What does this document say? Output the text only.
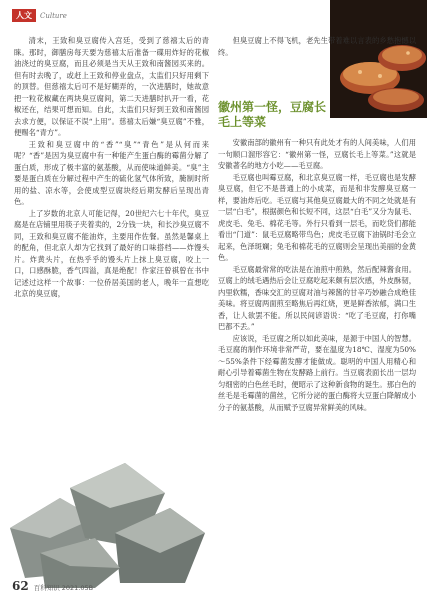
人文	Culture

清末，王致和臭豆腐传入宫廷，受到了慈禧太后的青睐。那时，御膳房每天要为慈禧太后准备一碟用炸好的花椒油浇过的臭豆腐，而且必须是当天从王致和南酱园买来的。但有时去晚了，或赶上王致和停业盘点，太监们只好用剩下的顶替。但慈禧太后可不是好糊弄的，一次进膳时，她故意把一粒花椒藏在两块臭豆腐间，第二天进膳时扒开一看，花椒还在，结果可想而知。自此，太监们只好到王致和南酱园去求方便，以保证不误“上用”。慈禧太后嫌“臭豆腐”不雅，便赐名“青方”。

王致和臭豆腐中的“香”“臭”“青色”是从何而来呢？“香”是因为臭豆腐中有一种能产生蛋白酶的霉菌分解了蛋白质，形成了极丰富的氨基酸，从而使味道鲜美。“臭”主要是蛋白质在分解过程中产生的硫化氢气体所致，腌制时所用的盐、凉水等，会使成型豆腐块经后期发酵后呈现出青色。

上了岁数的北京人可能记得，20世纪六七十年代，臭豆腐是在店铺里用筷子夹着卖的，2分钱一块，和长沙臭豆腐不同，王致和臭豆腐不能油炸，主要用作佐餐。虽然是馨桌上的配角，但北京人却为它找到了最好的口味搭档——炸馒头片。炸黄头片，在热乎乎的馒头片上抹上臭豆腐，咬上一口，口感酥脆，香气四溢，真是绝配！作家汪曾祺曾在书中记述过这样一个故事：一位侨居美国的老人，晚年一直想吃北京的臭豆腐，

但臭豆腐上不得飞机，老先生带着难以言表的乡愁抱憾以终。

徽州第一怪，豆腐长毛上等菜

安徽南部的徽州有一种只有此处才有的人间美味，人们用一句顺口溜形容它：“徽州第一怪，豆腐长毛上等菜。”这就是安徽著名的地方小吃——毛豆腐。

毛豆腐也叫霉豆腐，和北京臭豆腐一样，毛豆腐也是发酵臭豆腐，但它不是普通上的小成菜，而是和非发酵臭豆腐一样，要油炸后吃。毛豆腐与其他臭豆腐最大的不同之处就是有一层“白毛”，根据颜色和长短不同，这层“白毛”又分为鼠毛、虎皮毛、兔毛、棉花毛等。外行只看到一层毛，而吃货们都能看出“门道”：鼠毛豆腐略带鸟色；虎皮毛豆腐下油锅时毛会立起来，色泽斑斓；兔毛和棉花毛的豆腐则会呈现出美丽的金黄色。

毛豆腐最常常的吃法是在油煎中煎熟，然后配辣酱食用。豆腐上的绒毛遇热后会让豆腐吃起来颇有层次感，外皮酥韧，内里软糯，香味交汇的豆腐对油与辣酱的甘辛巧妙融合成绝佳美味。将豆腐两面煎至略焦后再红烧，更是鲜香浓郁，满口生香，让人欲罢不能。所以民间谚语说：“吃了毛豆腐，打你嘴巴都不丢。”

应该说，毛豆腐之所以如此美味，是源于中国人的智慧。毛豆腐的制作环境非常严苛，要在温度为18℃、湿度为50%～55%条件下经霉菌发酵才能做成。聪明的中国人用精心和耐心引导着霉菌生物在发酵路上前行。当豆腐表面长出一层均匀细密的白色丝毛时，便昭示了这种新食物的诞生。那白色的丝毛是毛霉菌的菌丝，它所分泌的蛋白酶将大豆蛋白降解成小分子的氨基酸，从而赋予豆腐异常鲜美的风味。

62 百科知识 2021.05B
